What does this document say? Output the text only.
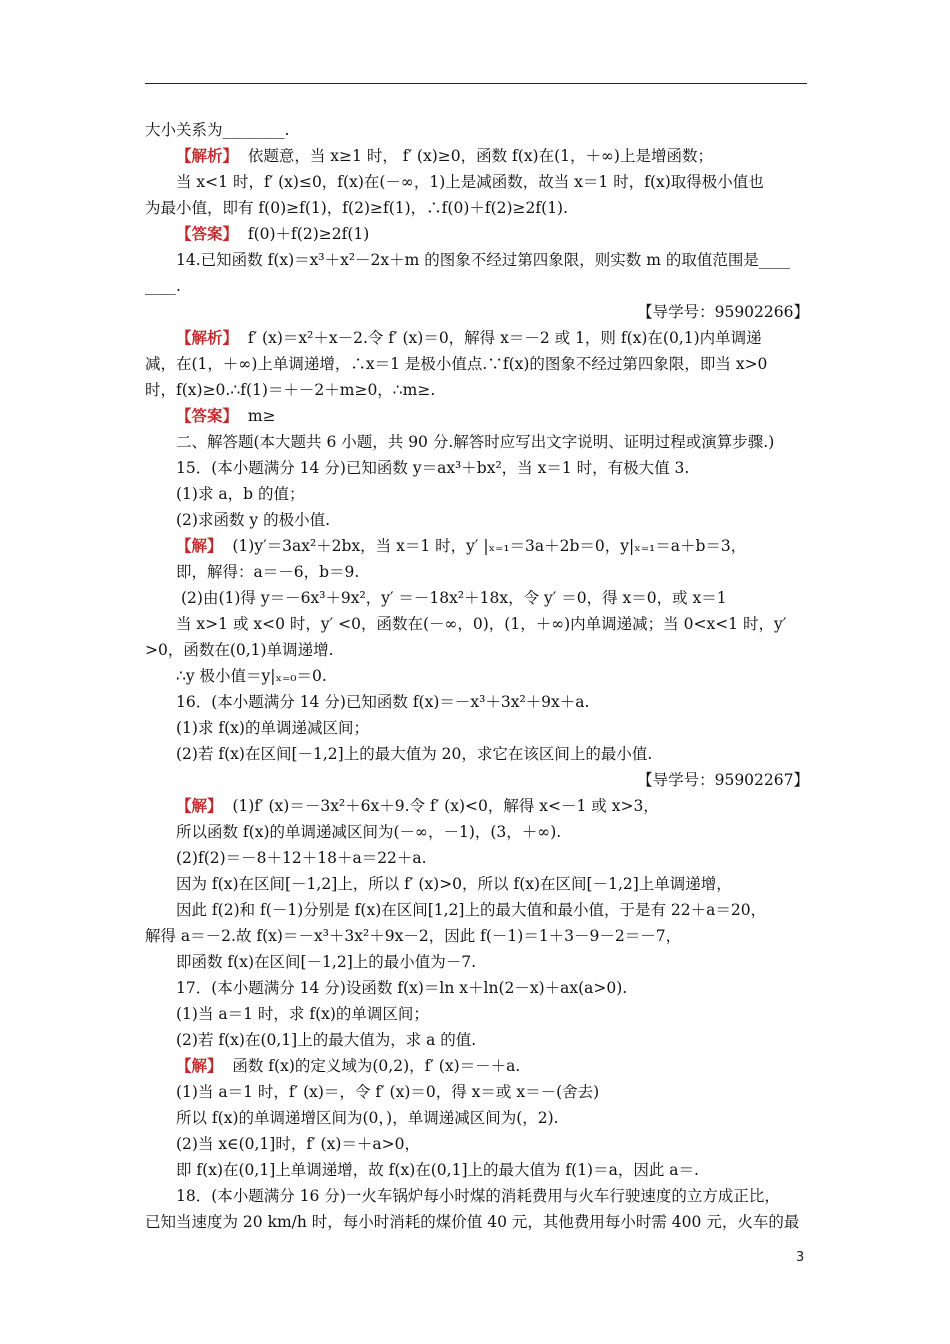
大小关系为________.
【解析】  依题意，当 x≥1 时， f′ (x)≥0，函数 f(x)在(1，＋∞)上是增函数；
当 x<1 时，f′ (x)≤0，f(x)在(－∞，1)上是减函数，故当 x＝1 时，f(x)取得极小值也
为最小值，即有 f(0)≥f(1)，f(2)≥f(1)，∴f(0)＋f(2)≥2f(1).
【答案】  f(0)＋f(2)≥2f(1)
14.已知函数 f(x)＝x³＋x²－2x＋m 的图象不经过第四象限，则实数 m 的取值范围是____
____.
【导学号：95902266】
【解析】  f′ (x)＝x²＋x－2.令 f′ (x)＝0，解得 x＝－2 或 1，则 f(x)在(0,1)内单调递
减，在(1，＋∞)上单调递增，∴x＝1 是极小值点.∵f(x)的图象不经过第四象限，即当 x>0
时，f(x)≥0.∴f(1)＝＋－2＋m≥0，∴m≥.
【答案】  m≥
二、解答题(本大题共 6 小题，共 90 分.解答时应写出文字说明、证明过程或演算步骤.)
15．(本小题满分 14 分)已知函数 y＝ax³＋bx²，当 x＝1 时，有极大值 3.
(1)求 a，b 的值；
(2)求函数 y 的极小值.
【解】  (1)y′＝3ax²＋2bx，当 x＝1 时，y′ |ₓ₌₁＝3a＋2b＝0，y|ₓ₌₁＝a＋b＝3，
即，解得：a＝－6，b＝9.
(2)由(1)得 y＝－6x³＋9x²，y′ ＝－18x²＋18x，令 y′ ＝0，得 x＝0，或 x＝1
当 x>1 或 x<0 时，y′ <0，函数在(－∞，0)，(1，＋∞)内单调递减；当 0<x<1 时，y′
>0，函数在(0,1)单调递增.
∴y 极小值＝y|ₓ₌₀＝0.
16．(本小题满分 14 分)已知函数 f(x)＝－x³＋3x²＋9x＋a.
(1)求 f(x)的单调递减区间；
(2)若 f(x)在区间[－1,2]上的最大值为 20，求它在该区间上的最小值.
【导学号：95902267】
【解】  (1)f′ (x)＝－3x²＋6x＋9.令 f′ (x)<0，解得 x<－1 或 x>3，
所以函数 f(x)的单调递减区间为(－∞，－1)，(3，＋∞).
(2)f(2)＝－8＋12＋18＋a＝22＋a.
因为 f(x)在区间[－1,2]上，所以 f′ (x)>0，所以 f(x)在区间[－1,2]上单调递增，
因此 f(2)和 f(－1)分别是 f(x)在区间[1,2]上的最大值和最小值，于是有 22＋a＝20，
解得 a＝－2.故 f(x)＝－x³＋3x²＋9x－2，因此 f(－1)＝1＋3－9－2＝－7，
即函数 f(x)在区间[－1,2]上的最小值为－7.
17．(本小题满分 14 分)设函数 f(x)＝ln x＋ln(2－x)＋ax(a>0).
(1)当 a＝1 时，求 f(x)的单调区间；
(2)若 f(x)在(0,1]上的最大值为，求 a 的值.
【解】  函数 f(x)的定义域为(0,2)，f′ (x)＝－＋a.
(1)当 a＝1 时，f′ (x)＝，令 f′ (x)＝0，得 x＝或 x＝－(舍去)
所以 f(x)的单调递增区间为(0，)，单调递减区间为(，2).
(2)当 x∈(0,1]时，f′ (x)＝＋a>0，
即 f(x)在(0,1]上单调递增，故 f(x)在(0,1]上的最大值为 f(1)＝a，因此 a＝.
18．(本小题满分 16 分)一火车锅炉每小时煤的消耗费用与火车行驶速度的立方成正比，
已知当速度为 20 km/h 时，每小时消耗的煤价值 40 元，其他费用每小时需 400 元，火车的最
3
